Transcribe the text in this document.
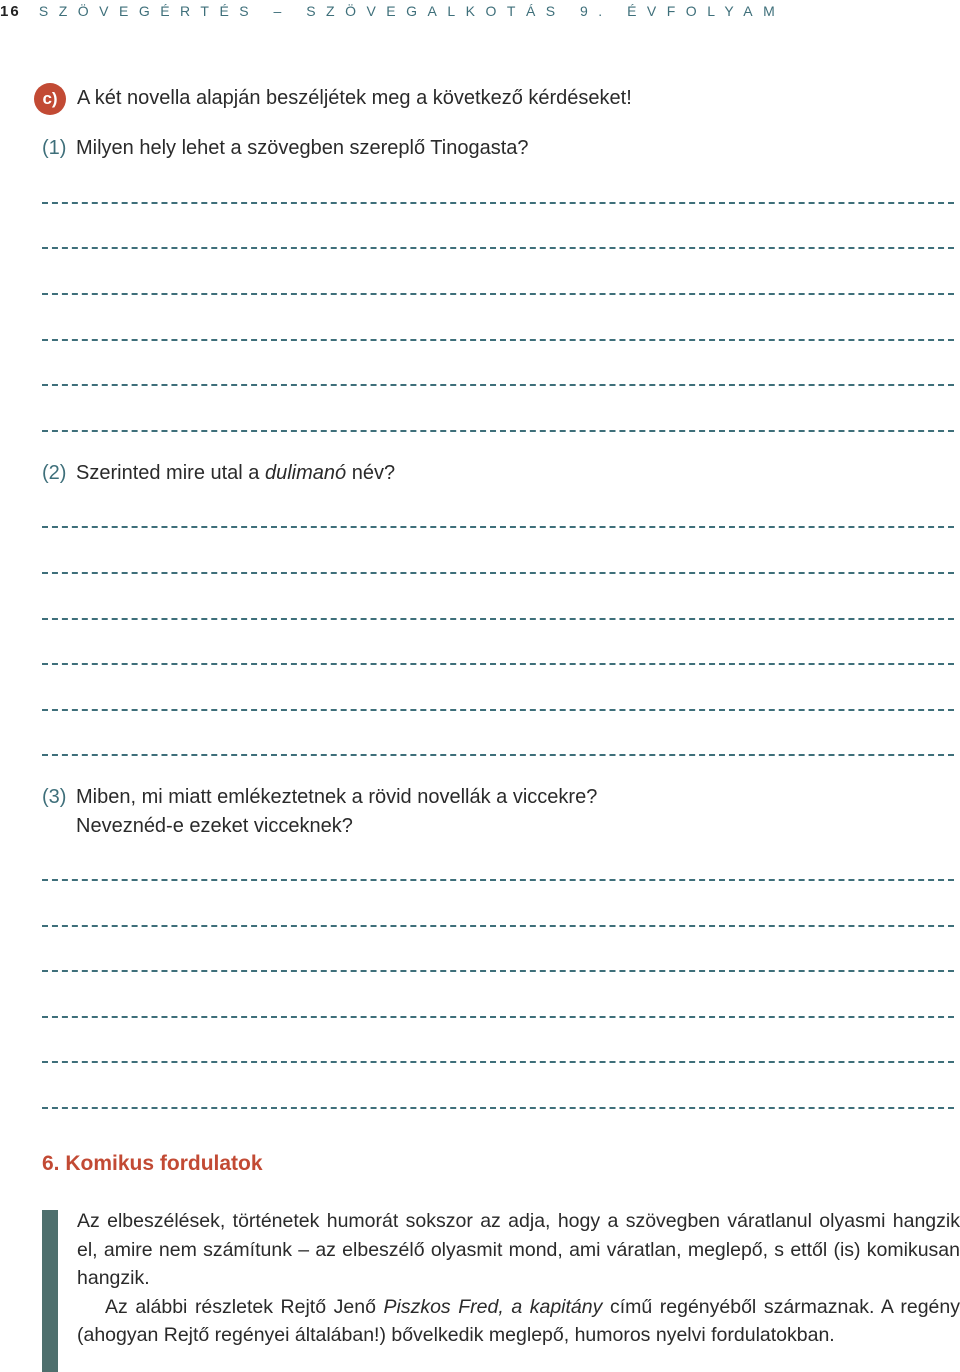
16 SZÖVEGÉRTÉS – SZÖVEGALKOTÁS 9. ÉVFOLYAM
c) A két novella alapján beszéljétek meg a következő kérdéseket!
(1) Milyen hely lehet a szövegben szereplő Tinogasta?
(2) Szerinted mire utal a dulimanó név?
(3) Miben, mi miatt emlékeztetnek a rövid novellák a viccekre?
Neveznéd-e ezeket vicceknek?
6. Komikus fordulatok

Az elbeszélések, történetek humorát sokszor az adja, hogy a szövegben váratlanul olyasmi hangzik el, amire nem számítunk – az elbeszélő olyasmit mond, ami váratlan, meglepő, s ettől (is) komikusan hangzik.

Az alábbi részletek Rejtő Jenő Piszkos Fred, a kapitány című regényéből származnak. A regény (ahogyan Rejtő regényei általában!) bővelkedik meglepő, humoros nyelvi fordulatokban.
